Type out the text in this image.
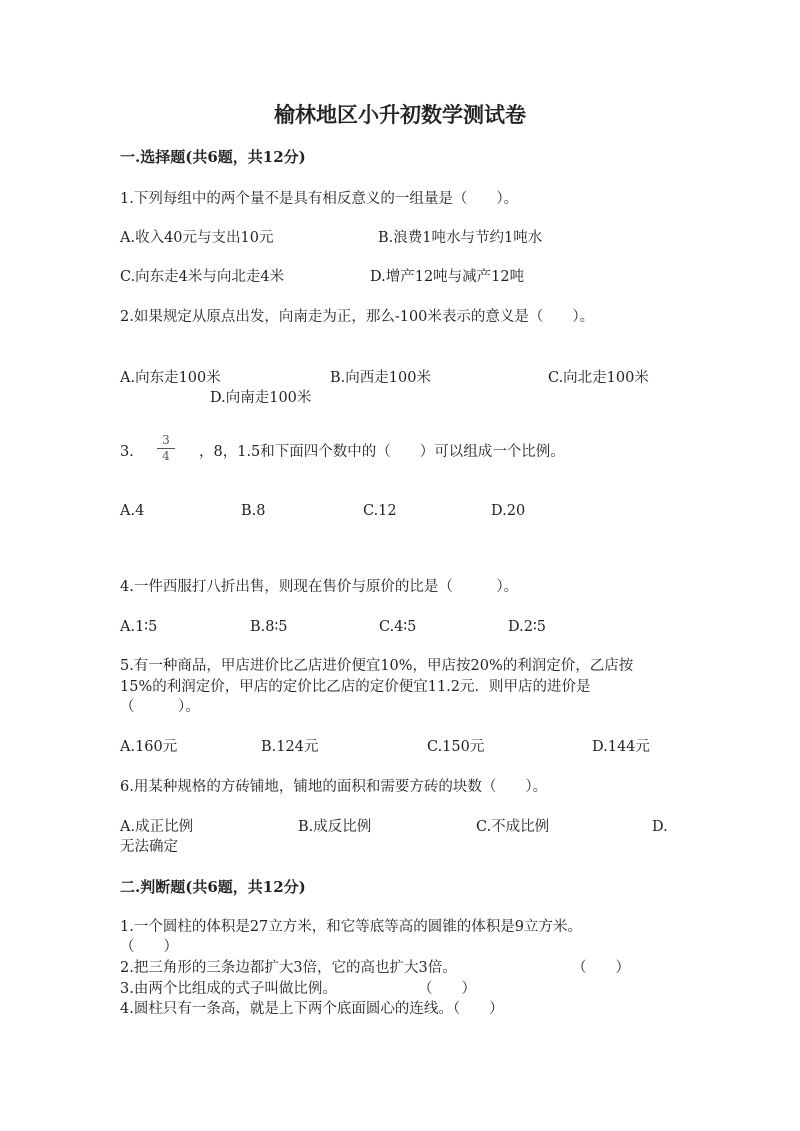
榆林地区小升初数学测试卷
一.选择题(共6题，共12分)
1.下列每组中的两个量不是具有相反意义的一组量是（　　）。
A.收入40元与支出10元	B.浪费1吨水与节约1吨水
C.向东走4米与向北走4米	D.增产12吨与减产12吨
2.如果规定从原点出发，向南走为正，那么-100米表示的意义是（　　）。
A.向东走100米	B.向西走100米	C.向北走100米
D.向南走100米
3.
3
4	，8，1.5和下面四个数中的（　　）可以组成一个比例。
A.4	B.8	C.12	D.20
4.一件西服打八折出售，则现在售价与原价的比是（　　　）。
A.1∶5	B.8∶5	C.4∶5	D.2∶5
5.有一种商品，甲店进价比乙店进价便宜10%，甲店按20%的利润定价，乙店按
15%的利润定价，甲店的定价比乙店的定价便宜11.2元．则甲店的进价是
（　　　）。
A.160元	B.124元	C.150元	D.144元
6.用某种规格的方砖铺地，铺地的面积和需要方砖的块数（　　）。
A.成正比例	B.成反比例	C.不成比例	D.
无法确定
二.判断题(共6题，共12分)
1.一个圆柱的体积是27立方米，和它等底等高的圆锥的体积是9立方米。
（　　）
2.把三角形的三条边都扩大3倍，它的高也扩大3倍。	（　　）
3.由两个比组成的式子叫做比例。	（　　）
4.圆柱只有一条高，就是上下两个底面圆心的连线。（　　）
